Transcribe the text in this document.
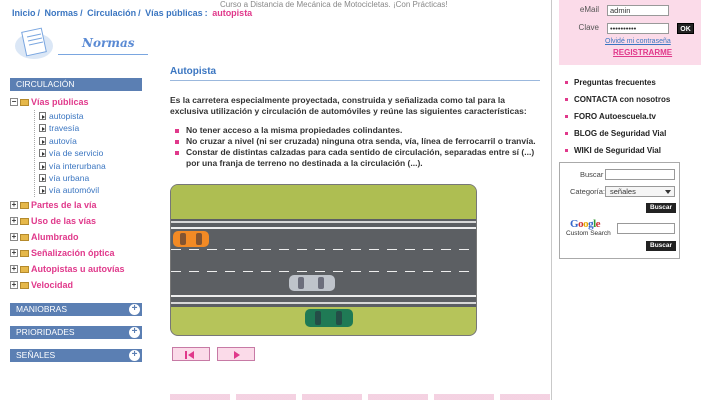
Inicio / Normas / Circulación / Vías públicas : autopista
Curso a Distancia de Mecánica de Motocicletas. ¡Con Prácticas!
Normas
CIRCULACIÓN
− Vías públicas
autopista
travesía
autovía
vía de servicio
vía interurbana
vía urbana
vía automóvil
+ Partes de la vía
+ Uso de las vías
+ Alumbrado
+ Señalización óptica
+ Autopistas u autovías
+ Velocidad
MANIOBRAS	+
PRIORIDADES	+
SEÑALES	+
Autopista
Es la carretera especialmente proyectada, construida y señalizada como tal para la exclusiva utilización y circulación de automóviles y reúne las siguientes características:
No tener acceso a la misma propiedades colindantes.
No cruzar a nivel (ni ser cruzada) ninguna otra senda, vía, línea de ferrocarril o tranvía.
Constar de distintas calzadas para cada sentido de circulación, separadas entre sí (...) por una franja de terreno no destinada a la circulación (...).

eMail	admin
Clave	••••••••••	OK
Olvidé mi contraseña
REGISTRARME
Preguntas frecuentes
CONTACTA con nosotros
FORO Autoescuela.tv
BLOG de Seguridad Vial
WIKI de Seguridad Vial
Buscar
Categoría: señales
Buscar
Google
Custom Search
Buscar
